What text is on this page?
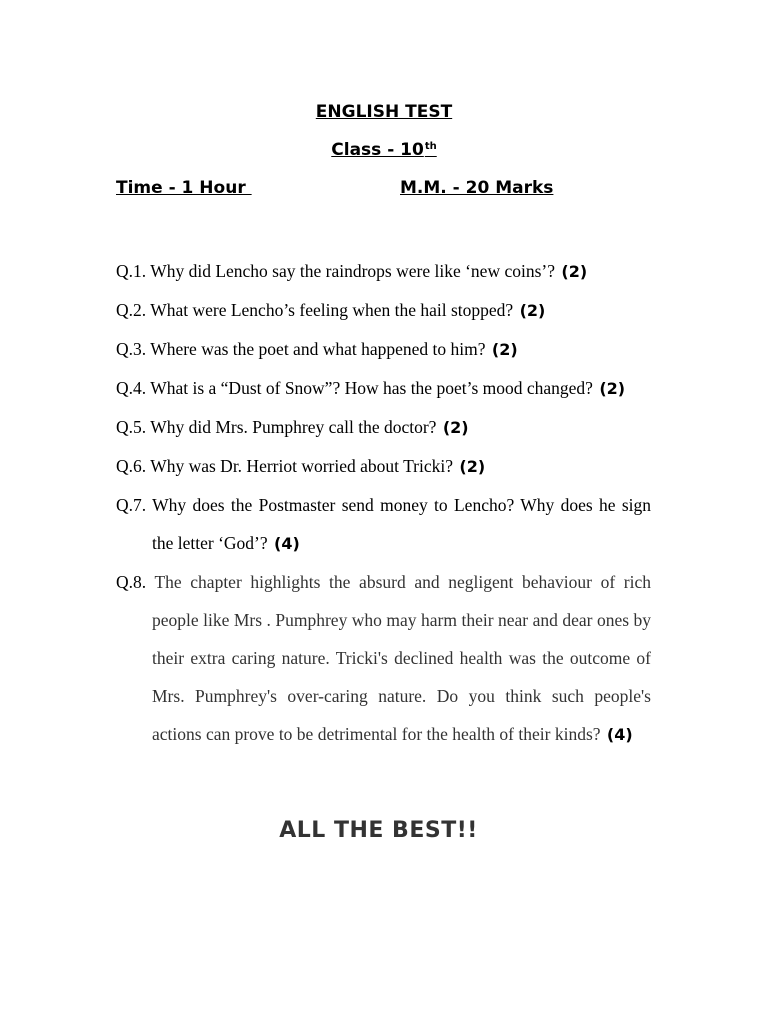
ENGLISH TEST
Class - 10th
Time - 1 Hour	M.M. - 20 Marks

Q.1. Why did Lencho say the raindrops were like ‘new coins’? (2)

Q.2. What were Lencho’s feeling when the hail stopped? (2)

Q.3. Where was the poet and what happened to him? (2)

Q.4. What is a “Dust of Snow”? How has the poet’s mood changed? (2)

Q.5. Why did Mrs. Pumphrey call the doctor? (2)

Q.6. Why was Dr. Herriot worried about Tricki? (2)

Q.7. Why does the Postmaster send money to Lencho? Why does he sign the letter ‘God’? (4)

Q.8. The chapter highlights the absurd and negligent behaviour of rich people like Mrs . Pumphrey who may harm their near and dear ones by their extra caring nature. Tricki's declined health was the outcome of Mrs. Pumphrey's over-caring nature. Do you think such people's actions can prove to be detrimental for the health of their kinds? (4)

ALL THE BEST!!
